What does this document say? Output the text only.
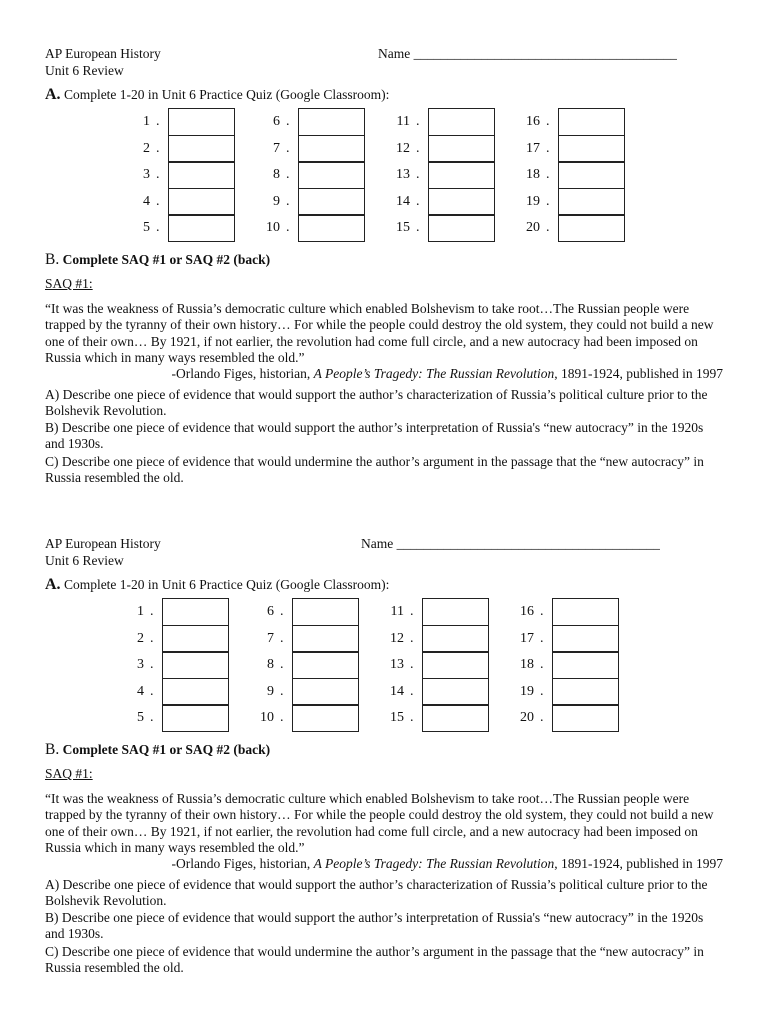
AP European History
Unit 6 Review
Name _______________________________________
A. Complete 1-20 in Unit 6 Practice Quiz (Google Classroom):
1 .
2 .
3 .
4 .
5 .
6 .
7 .
8 .
9 .
10 .
11 .
12 .
13 .
14 .
15 .
16 .
17 .
18 .
19 .
20 .
B. Complete SAQ #1 or SAQ #2 (back)
SAQ #1:
“It was the weakness of Russia’s democratic culture which enabled Bolshevism to take root…The Russian people were trapped by the tyranny of their own history… For while the people could destroy the old system, they could not build a new one of their own… By 1921, if not earlier, the revolution had come full circle, and a new autocracy had been imposed on Russia which in many ways resembled the old.”
-Orlando Figes, historian, A People’s Tragedy: The Russian Revolution, 1891-1924, published in 1997
A) Describe one piece of evidence that would support the author’s characterization of Russia’s political culture prior to the Bolshevik Revolution.
B) Describe one piece of evidence that would support the author’s interpretation of Russia's “new autocracy” in the 1920s and 1930s.
C) Describe one piece of evidence that would undermine the author’s argument in the passage that the “new autocracy” in Russia resembled the old.
AP European History
Unit 6 Review
Name _______________________________________
A. Complete 1-20 in Unit 6 Practice Quiz (Google Classroom):
1 .
2 .
3 .
4 .
5 .
6 .
7 .
8 .
9 .
10 .
11 .
12 .
13 .
14 .
15 .
16 .
17 .
18 .
19 .
20 .
B. Complete SAQ #1 or SAQ #2 (back)
SAQ #1:
“It was the weakness of Russia’s democratic culture which enabled Bolshevism to take root…The Russian people were trapped by the tyranny of their own history… For while the people could destroy the old system, they could not build a new one of their own… By 1921, if not earlier, the revolution had come full circle, and a new autocracy had been imposed on Russia which in many ways resembled the old.”
-Orlando Figes, historian, A People’s Tragedy: The Russian Revolution, 1891-1924, published in 1997
A) Describe one piece of evidence that would support the author’s characterization of Russia’s political culture prior to the Bolshevik Revolution.
B) Describe one piece of evidence that would support the author’s interpretation of Russia's “new autocracy” in the 1920s and 1930s.
C) Describe one piece of evidence that would undermine the author’s argument in the passage that the “new autocracy” in Russia resembled the old.
